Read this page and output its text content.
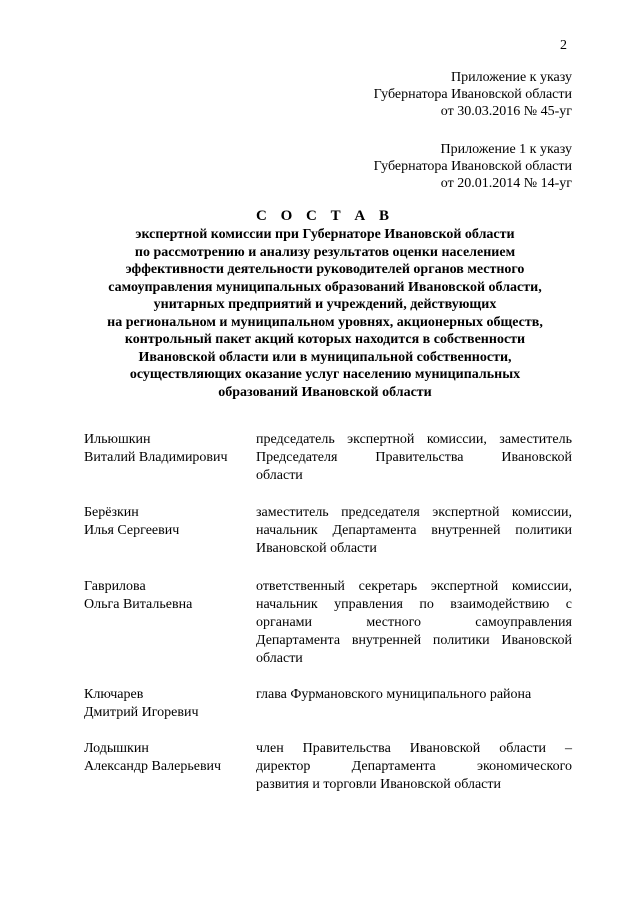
2
Приложение к указу
Губернатора Ивановской области
от 30.03.2016 № 45-уг
Приложение 1 к указу
Губернатора Ивановской области
от 20.01.2014 № 14-уг
С О С Т А В
экспертной комиссии при Губернаторе Ивановской области
по рассмотрению и анализу результатов оценки населением
эффективности деятельности руководителей органов местного
самоуправления муниципальных образований Ивановской области,
унитарных предприятий и учреждений, действующих
на региональном и муниципальном уровнях, акционерных обществ,
контрольный пакет акций которых находится в собственности
Ивановской области или в муниципальной собственности,
осуществляющих оказание услуг населению муниципальных
образований Ивановской области
Ильюшкин
Виталий Владимирович
председатель экспертной комиссии, заместитель
Председателя Правительства Ивановской
области
Берёзкин
Илья Сергеевич
заместитель председателя экспертной комиссии,
начальник Департамента внутренней политики
Ивановской области
Гаврилова
Ольга Витальевна
ответственный секретарь экспертной комиссии,
начальник управления по взаимодействию с
органами местного самоуправления
Департамента внутренней политики Ивановской
области
Ключарев
Дмитрий Игоревич
глава Фурмановского муниципального района
Лодышкин
Александр Валерьевич
член Правительства Ивановской области –
директор Департамента экономического
развития и торговли Ивановской области
